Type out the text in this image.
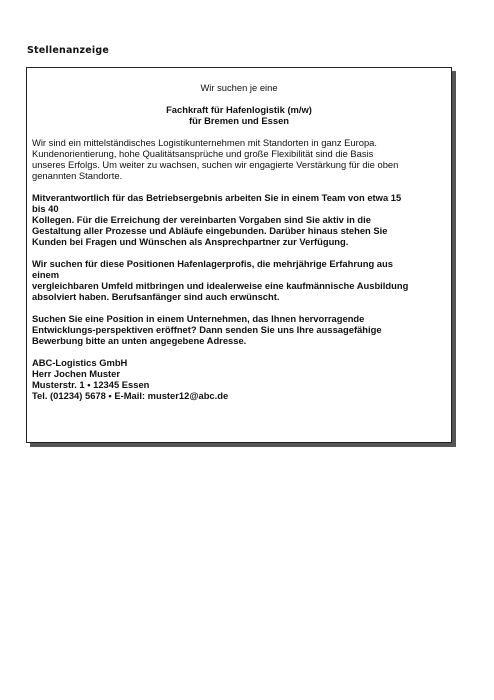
Stellenanzeige

Wir suchen je eine

Fachkraft für Hafenlogistik (m/w)
für Bremen und Essen

Wir sind ein mittelständisches Logistikunternehmen mit Standorten in ganz Europa.
Kundenorientierung, hohe Qualitätsansprüche und große Flexibilität sind die Basis
unseres Erfolgs. Um weiter zu wachsen, suchen wir engagierte Verstärkung für die oben
genannten Standorte.

Mitverantwortlich für das Betriebsergebnis arbeiten Sie in einem Team von etwa 15
bis 40
Kollegen. Für die Erreichung der vereinbarten Vorgaben sind Sie aktiv in die
Gestaltung aller Prozesse und Abläufe eingebunden. Darüber hinaus stehen Sie
Kunden bei Fragen und Wünschen als Ansprechpartner zur Verfügung.

Wir suchen für diese Positionen Hafenlagerprofis, die mehrjährige Erfahrung aus
einem
vergleichbaren Umfeld mitbringen und idealerweise eine kaufmännische Ausbildung
absolviert haben. Berufsanfänger sind auch erwünscht.

Suchen Sie eine Position in einem Unternehmen, das Ihnen hervorragende
Entwicklungs-perspektiven eröffnet? Dann senden Sie uns Ihre aussagefähige
Bewerbung bitte an unten angegebene Adresse.

ABC-Logistics GmbH
Herr Jochen Muster
Musterstr. 1 • 12345 Essen
Tel. (01234) 5678 • E-Mail: muster12@abc.de
